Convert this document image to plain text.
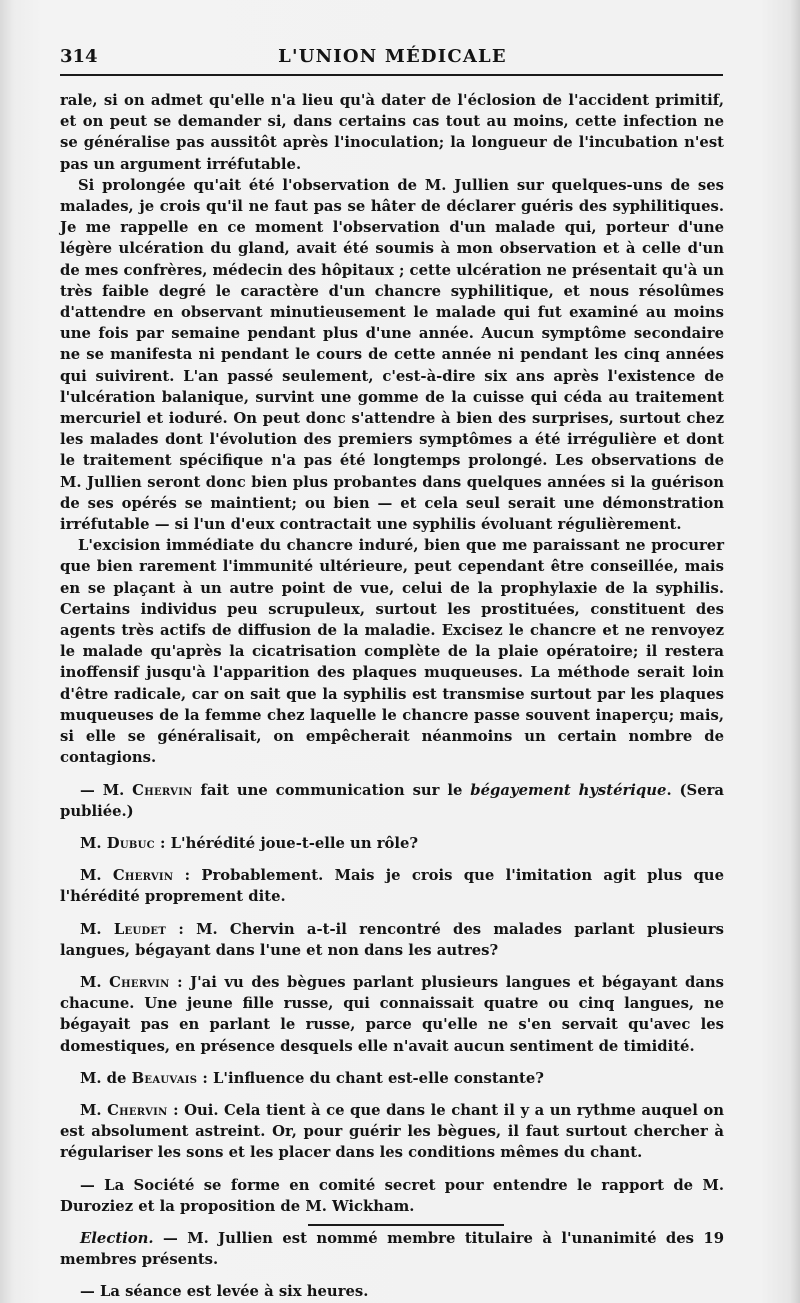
314	L'UNION MÉDICALE

rale, si on admet qu'elle n'a lieu qu'à dater de l'éclosion de l'accident primitif, et on peut se demander si, dans certains cas tout au moins, cette infection ne se généralise pas aussitôt après l'inoculation; la longueur de l'incubation n'est pas un argument irréfutable.

Si prolongée qu'ait été l'observation de M. Jullien sur quelques-uns de ses malades, je crois qu'il ne faut pas se hâter de déclarer guéris des syphilitiques. Je me rappelle en ce moment l'observation d'un malade qui, porteur d'une légère ulcération du gland, avait été soumis à mon observation et à celle d'un de mes confrères, médecin des hôpitaux ; cette ulcération ne présentait qu'à un très faible degré le caractère d'un chancre syphilitique, et nous résolûmes d'attendre en observant minutieusement le malade qui fut examiné au moins une fois par semaine pendant plus d'une année. Aucun symptôme secondaire ne se manifesta ni pendant le cours de cette année ni pendant les cinq années qui suivirent. L'an passé seulement, c'est-à-dire six ans après l'existence de l'ulcération balanique, survint une gomme de la cuisse qui céda au traitement mercuriel et ioduré. On peut donc s'attendre à bien des surprises, surtout chez les malades dont l'évolution des premiers symptômes a été irrégulière et dont le traitement spécifique n'a pas été longtemps prolongé. Les observations de M. Jullien seront donc bien plus probantes dans quelques années si la guérison de ses opérés se maintient; ou bien — et cela seul serait une démonstration irréfutable — si l'un d'eux contractait une syphilis évoluant régulièrement.

L'excision immédiate du chancre induré, bien que me paraissant ne procurer que bien rarement l'immunité ultérieure, peut cependant être conseillée, mais en se plaçant à un autre point de vue, celui de la prophylaxie de la syphilis. Certains individus peu scrupuleux, surtout les prostituées, constituent des agents très actifs de diffusion de la maladie. Excisez le chancre et ne renvoyez le malade qu'après la cicatrisation complète de la plaie opératoire; il restera inoffensif jusqu'à l'apparition des plaques muqueuses. La méthode serait loin d'être radicale, car on sait que la syphilis est transmise surtout par les plaques muqueuses de la femme chez laquelle le chancre passe souvent inaperçu; mais, si elle se généralisait, on empêcherait néanmoins un certain nombre de contagions.

— M. Chervin fait une communication sur le bégayement hystérique. (Sera publiée.)

M. Dubuc : L'hérédité joue-t-elle un rôle?

M. Chervin : Probablement. Mais je crois que l'imitation agit plus que l'hérédité proprement dite.

M. Leudet : M. Chervin a-t-il rencontré des malades parlant plusieurs langues, bégayant dans l'une et non dans les autres?

M. Chervin : J'ai vu des bègues parlant plusieurs langues et bégayant dans chacune. Une jeune fille russe, qui connaissait quatre ou cinq langues, ne bégayait pas en parlant le russe, parce qu'elle ne s'en servait qu'avec les domestiques, en présence desquels elle n'avait aucun sentiment de timidité.

M. de Beauvais : L'influence du chant est-elle constante?

M. Chervin : Oui. Cela tient à ce que dans le chant il y a un rythme auquel on est absolument astreint. Or, pour guérir les bègues, il faut surtout chercher à régulariser les sons et les placer dans les conditions mêmes du chant.

— La Société se forme en comité secret pour entendre le rapport de M. Duroziez et la proposition de M. Wickham.

Election. — M. Jullien est nommé membre titulaire à l'unanimité des 19 membres présents.

— La séance est levée à six heures.
